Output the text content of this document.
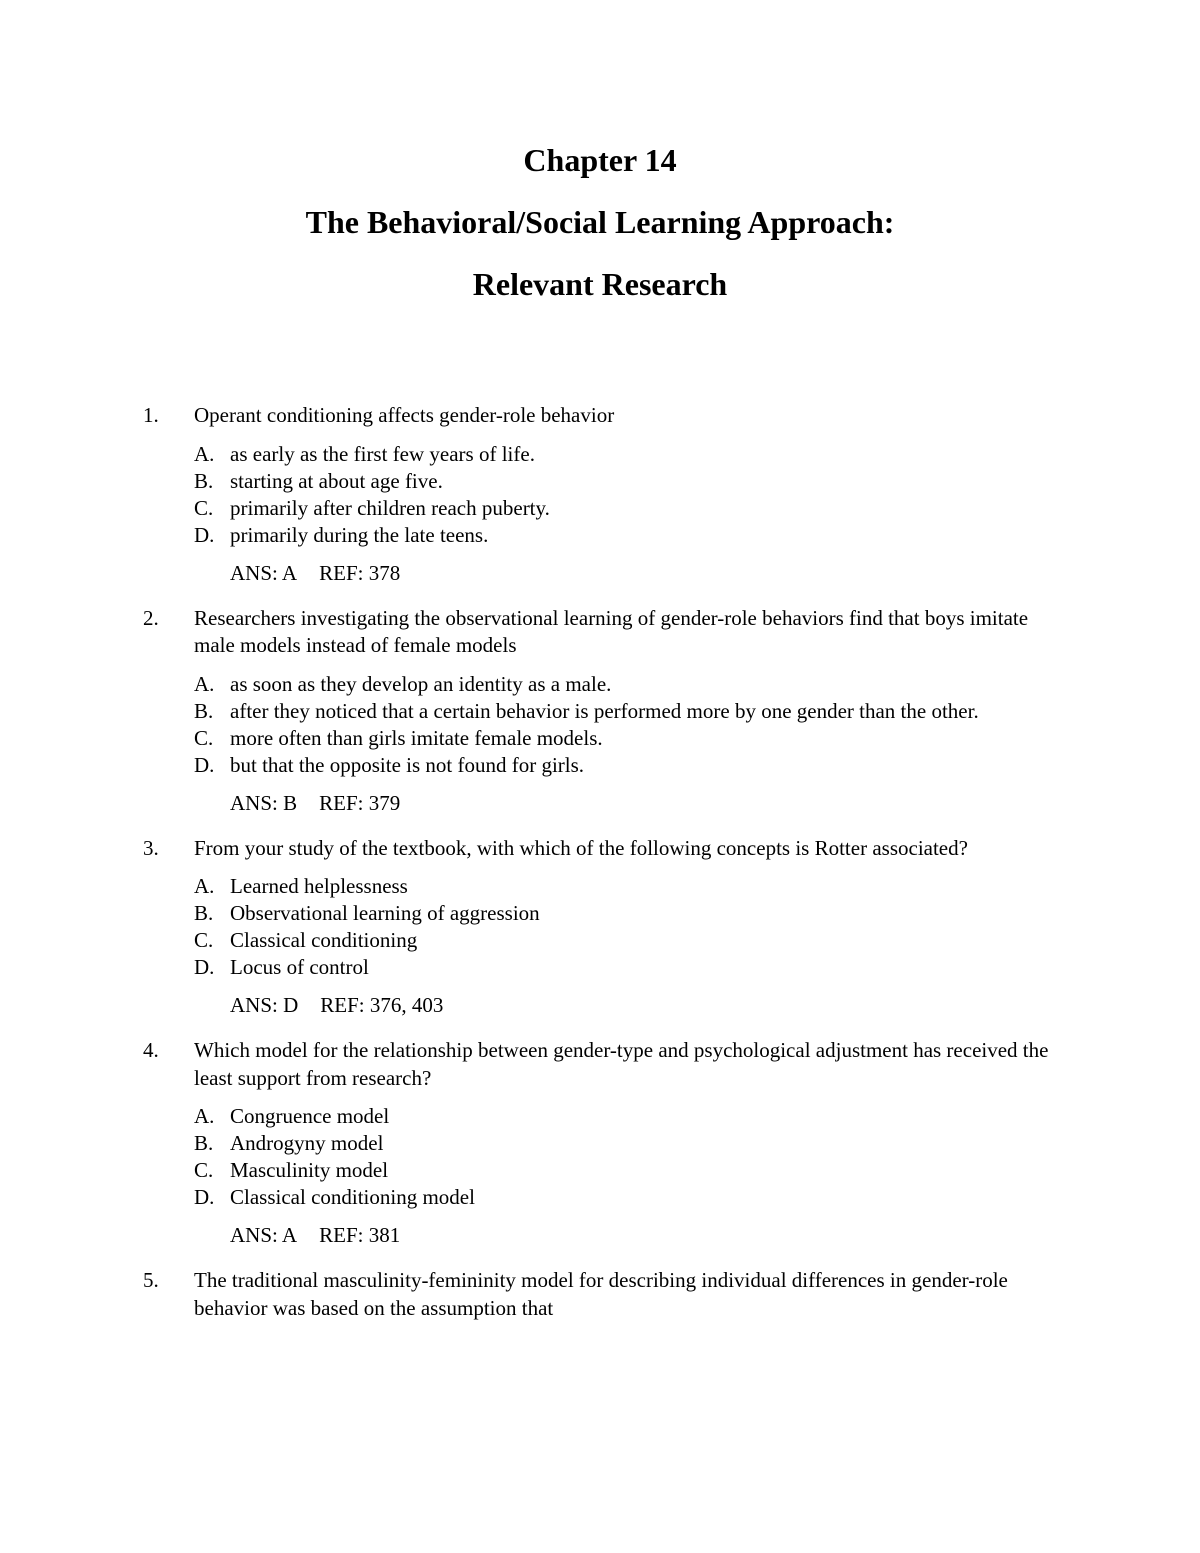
Chapter 14

The Behavioral/Social Learning Approach:

Relevant Research

1.	Operant conditioning affects gender-role behavior
A. as early as the first few years of life.
B. starting at about age five.
C. primarily after children reach puberty.
D. primarily during the late teens.
ANS: A REF: 378
2.	Researchers investigating the observational learning of gender-role behaviors find that boys imitate male models instead of female models
A. as soon as they develop an identity as a male.
B. after they noticed that a certain behavior is performed more by one gender than the other.
C. more often than girls imitate female models.
D. but that the opposite is not found for girls.
ANS: B REF: 379
3.	From your study of the textbook, with which of the following concepts is Rotter associated?
A. Learned helplessness
B. Observational learning of aggression
C. Classical conditioning
D. Locus of control
ANS: D REF: 376, 403
4.	Which model for the relationship between gender-type and psychological adjustment has received the least support from research?
A. Congruence model
B. Androgyny model
C. Masculinity model
D. Classical conditioning model
ANS: A REF: 381
5.	The traditional masculinity-femininity model for describing individual differences in gender-role behavior was based on the assumption that
